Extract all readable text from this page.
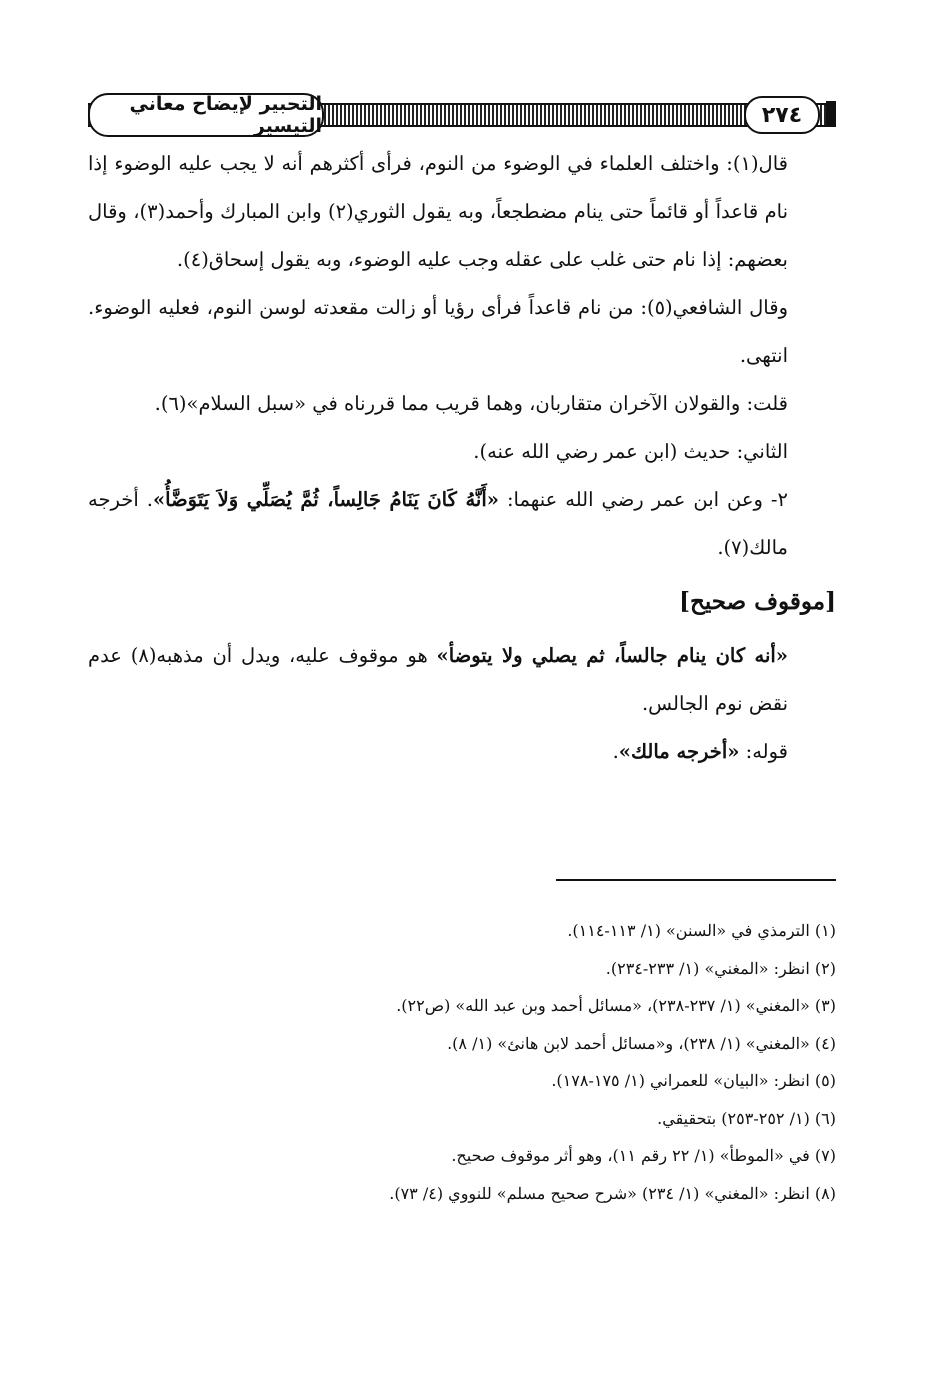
٢٧٤
التحبير لإيضاح معاني التيسير

قال(١): واختلف العلماء في الوضوء من النوم، فرأى أكثرهم أنه لا يجب عليه الوضوء إذا نام قاعداً أو قائماً حتى ينام مضطجعاً، وبه يقول الثوري(٢) وابن المبارك وأحمد(٣)، وقال بعضهم: إذا نام حتى غلب على عقله وجب عليه الوضوء، وبه يقول إسحاق(٤).

وقال الشافعي(٥): من نام قاعداً فرأى رؤيا أو زالت مقعدته لوسن النوم، فعليه الوضوء. انتهى.

قلت: والقولان الآخران متقاربان، وهما قريب مما قررناه في «سبل السلام»(٦).

الثاني: حديث (ابن عمر رضي الله عنه).

٢- وعن ابن عمر رضي الله عنهما: «أَنَّهُ كَانَ يَنَامُ جَالِساً، ثُمَّ يُصَلِّي وَلاَ يَتَوَضَّأُ». أخرجه مالك(٧).

[موقوف صحيح]

«أنه كان ينام جالساً، ثم يصلي ولا يتوضأ» هو موقوف عليه، ويدل أن مذهبه(٨) عدم نقض نوم الجالس.

قوله: «أخرجه مالك».

(١) الترمذي في «السنن» (١/ ١١٣-١١٤).

(٢) انظر: «المغني» (١/ ٢٣٣-٢٣٤).

(٣) «المغني» (١/ ٢٣٧-٢٣٨)، «مسائل أحمد وبن عبد الله» (ص٢٢).

(٤) «المغني» (١/ ٢٣٨)، و«مسائل أحمد لابن هانئ» (١/ ٨).

(٥) انظر: «البيان» للعمراني (١/ ١٧٥-١٧٨).

(٦) (١/ ٢٥٢-٢٥٣) بتحقيقي.

(٧) في «الموطأ» (١/ ٢٢ رقم ١١)، وهو أثر موقوف صحيح.

(٨) انظر: «المغني» (١/ ٢٣٤) «شرح صحيح مسلم» للنووي (٤/ ٧٣).
